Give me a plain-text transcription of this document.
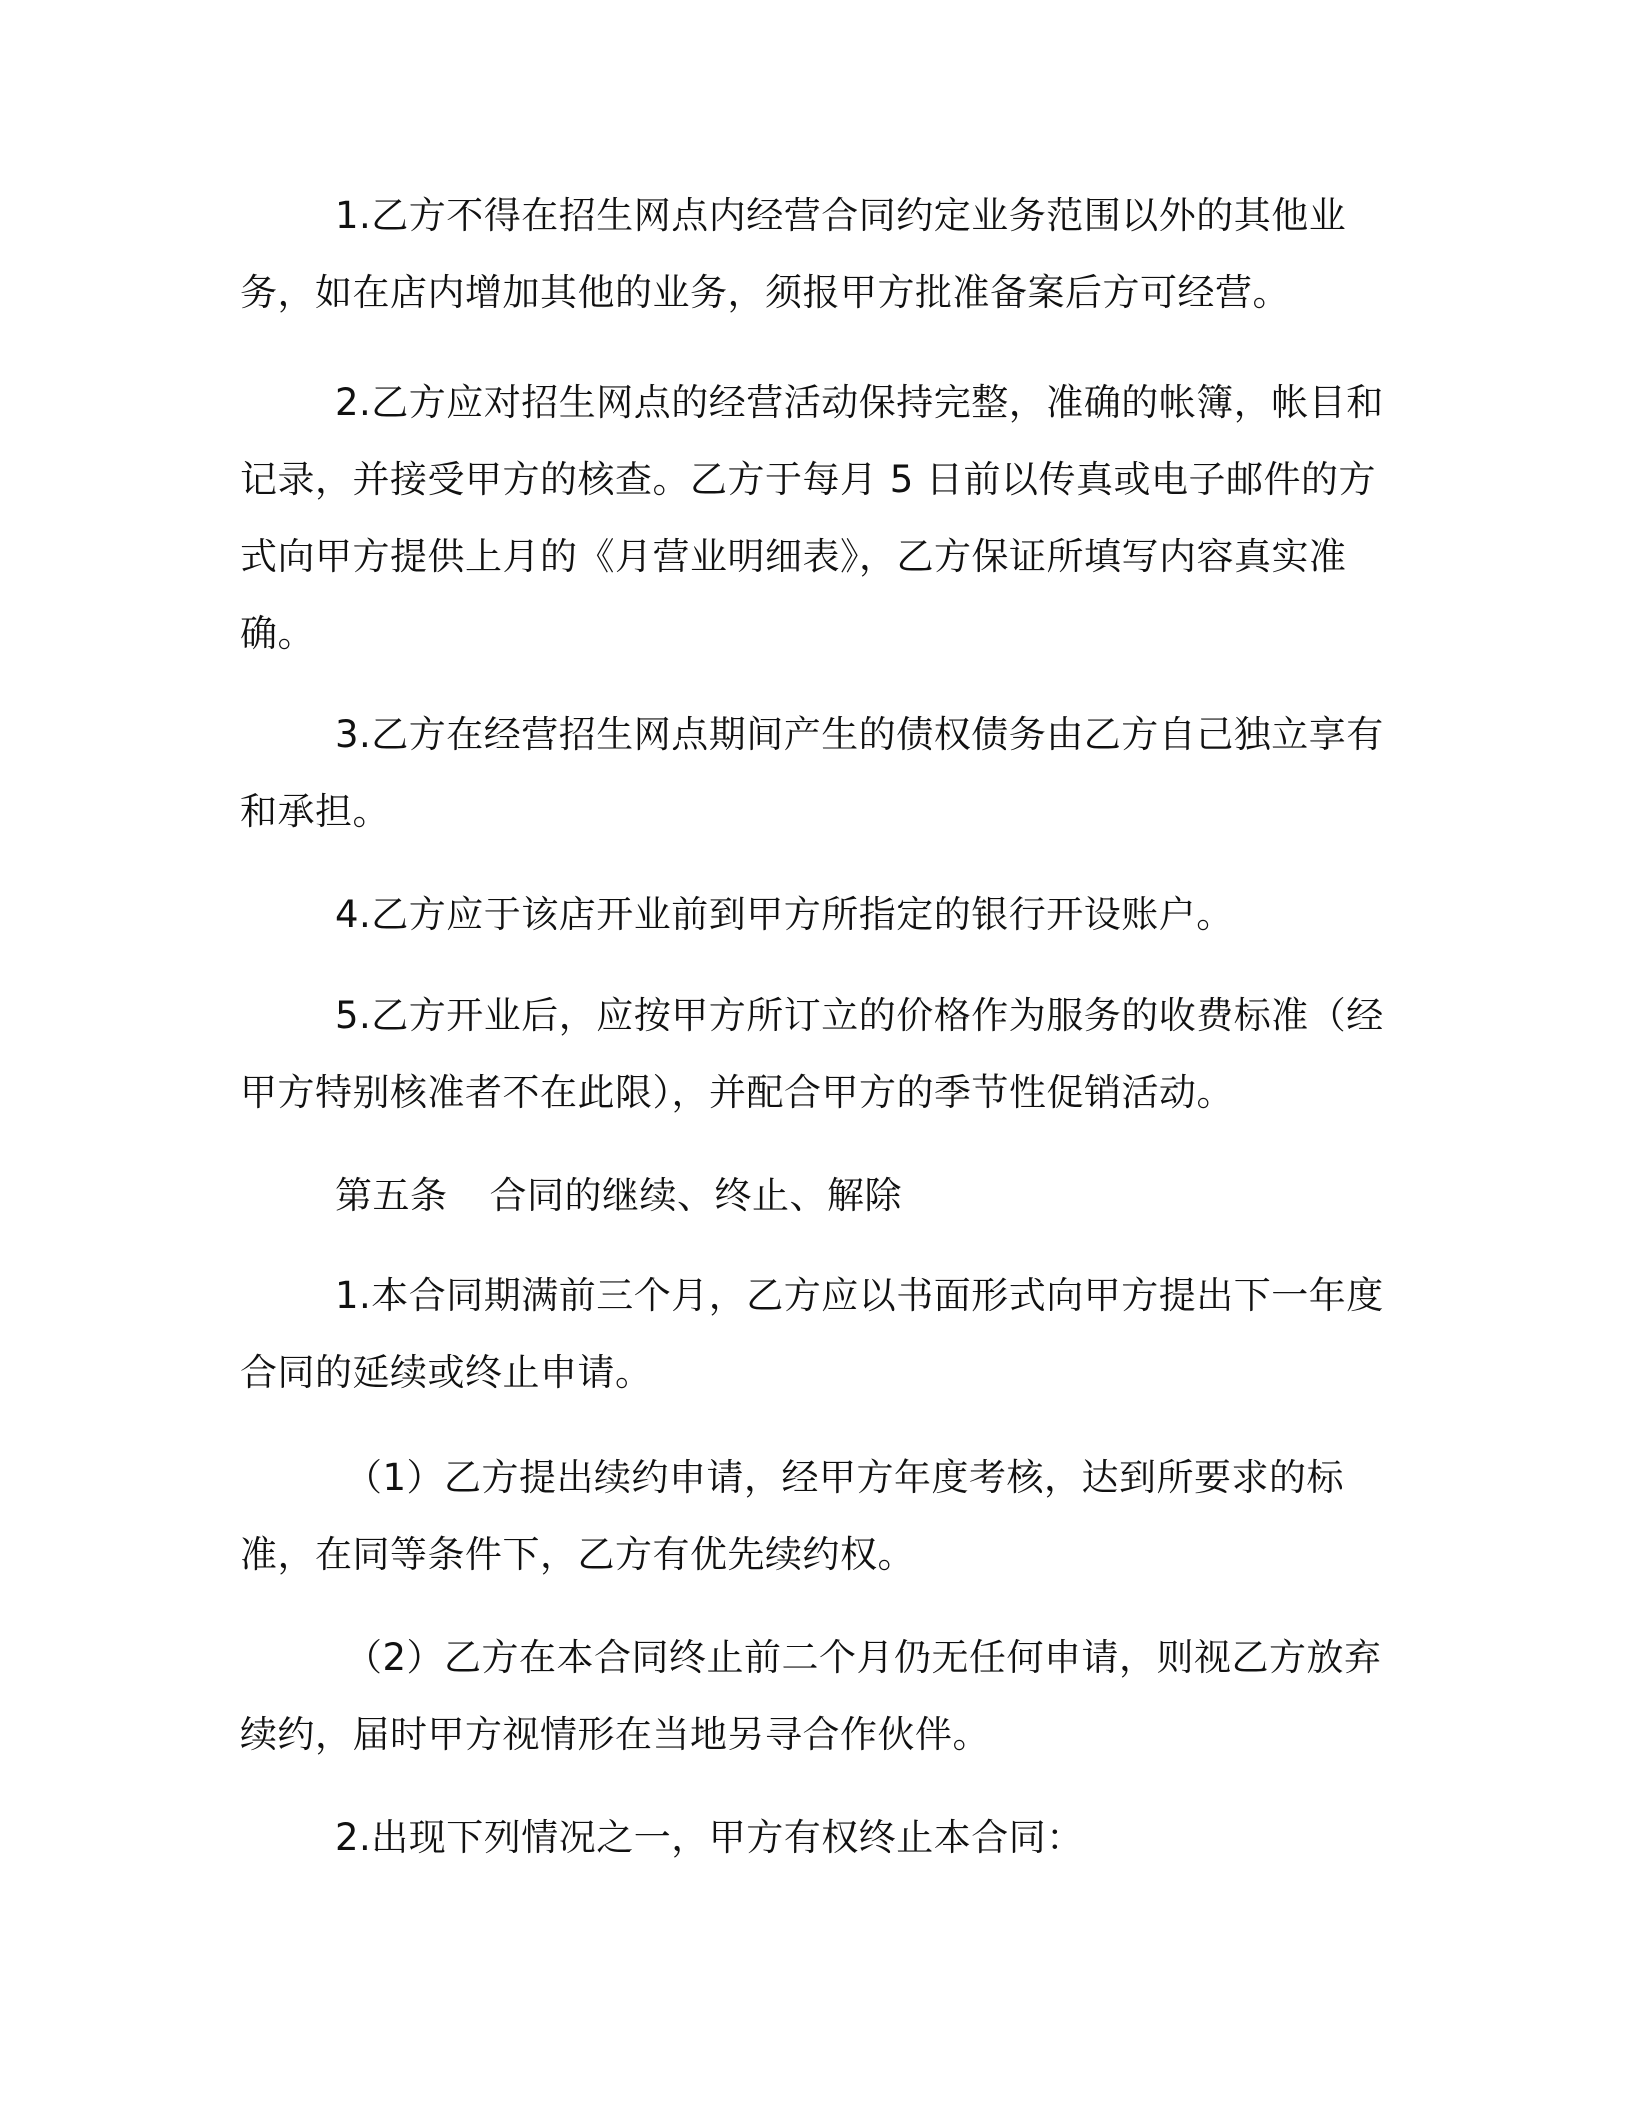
1.乙方不得在招生网点内经营合同约定业务范围以外的其他业务，如在店内增加其他的业务，须报甲方批准备案后方可经营。

2.乙方应对招生网点的经营活动保持完整，准确的帐簿，帐目和记录，并接受甲方的核查。乙方于每月 5 日前以传真或电子邮件的方式向甲方提供上月的《月营业明细表》，乙方保证所填写内容真实准确。

3.乙方在经营招生网点期间产生的债权债务由乙方自己独立享有和承担。

4.乙方应于该店开业前到甲方所指定的银行开设账户。

5.乙方开业后，应按甲方所订立的价格作为服务的收费标准（经甲方特别核准者不在此限），并配合甲方的季节性促销活动。

第五条 合同的继续、终止、解除

1.本合同期满前三个月，乙方应以书面形式向甲方提出下一年度合同的延续或终止申请。

（1）乙方提出续约申请，经甲方年度考核，达到所要求的标准，在同等条件下，乙方有优先续约权。

（2）乙方在本合同终止前二个月仍无任何申请，则视乙方放弃续约，届时甲方视情形在当地另寻合作伙伴。

2.出现下列情况之一，甲方有权终止本合同：
